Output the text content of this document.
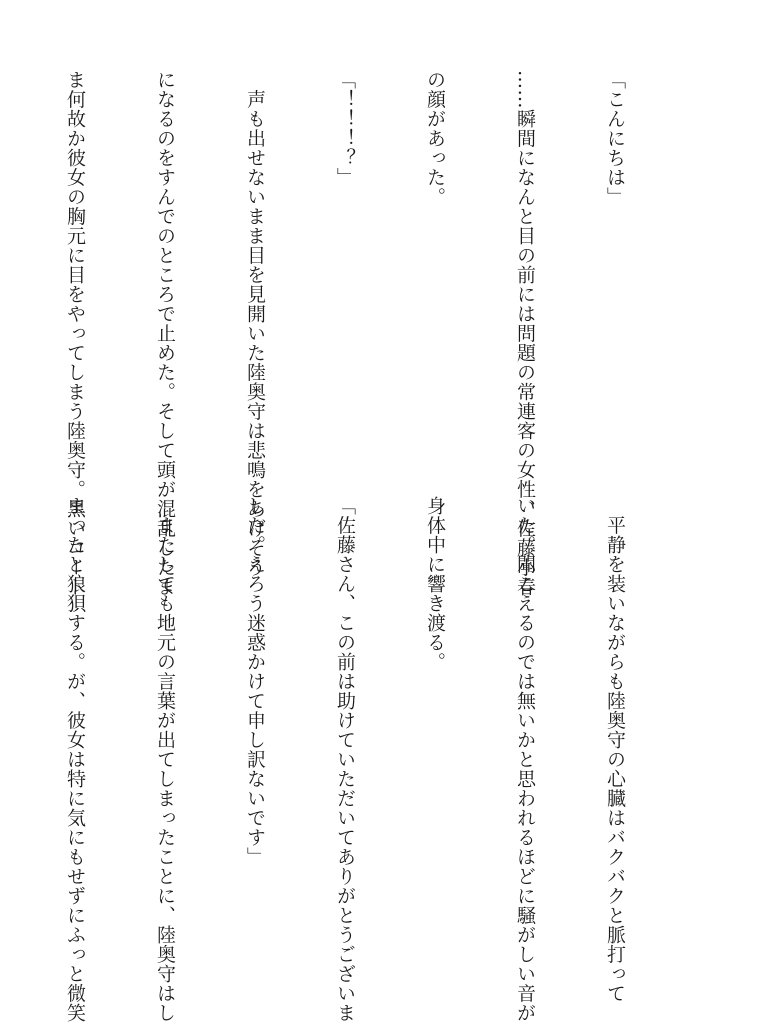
「こんにちは」

……瞬間になんと目の前には問題の常連客の女性、佐藤小春

の顔があった。

「！！！？」

　声も出せないまま目を見開いた陸奥守は悲鳴をあげそう

になるのをすんでのところで止めた。そして頭が混乱したま

ま何故か彼女の胸元に目をやってしまう陸奥守。黒いコート

　平静を装いながらも陸奥守の心臓はバクバクと脈打って

いた。聞こえるのでは無いかと思われるほどに騒がしい音が

身体中に響き渡る。

「佐藤さん、この前は助けていただいてありがとうございま

した。えろう迷惑かけて申し訳ないです」

　またしても地元の言葉が出てしまったことに、陸奥守はし

まったと狼狽する。が、彼女は特に気にもせずにふっと微笑
